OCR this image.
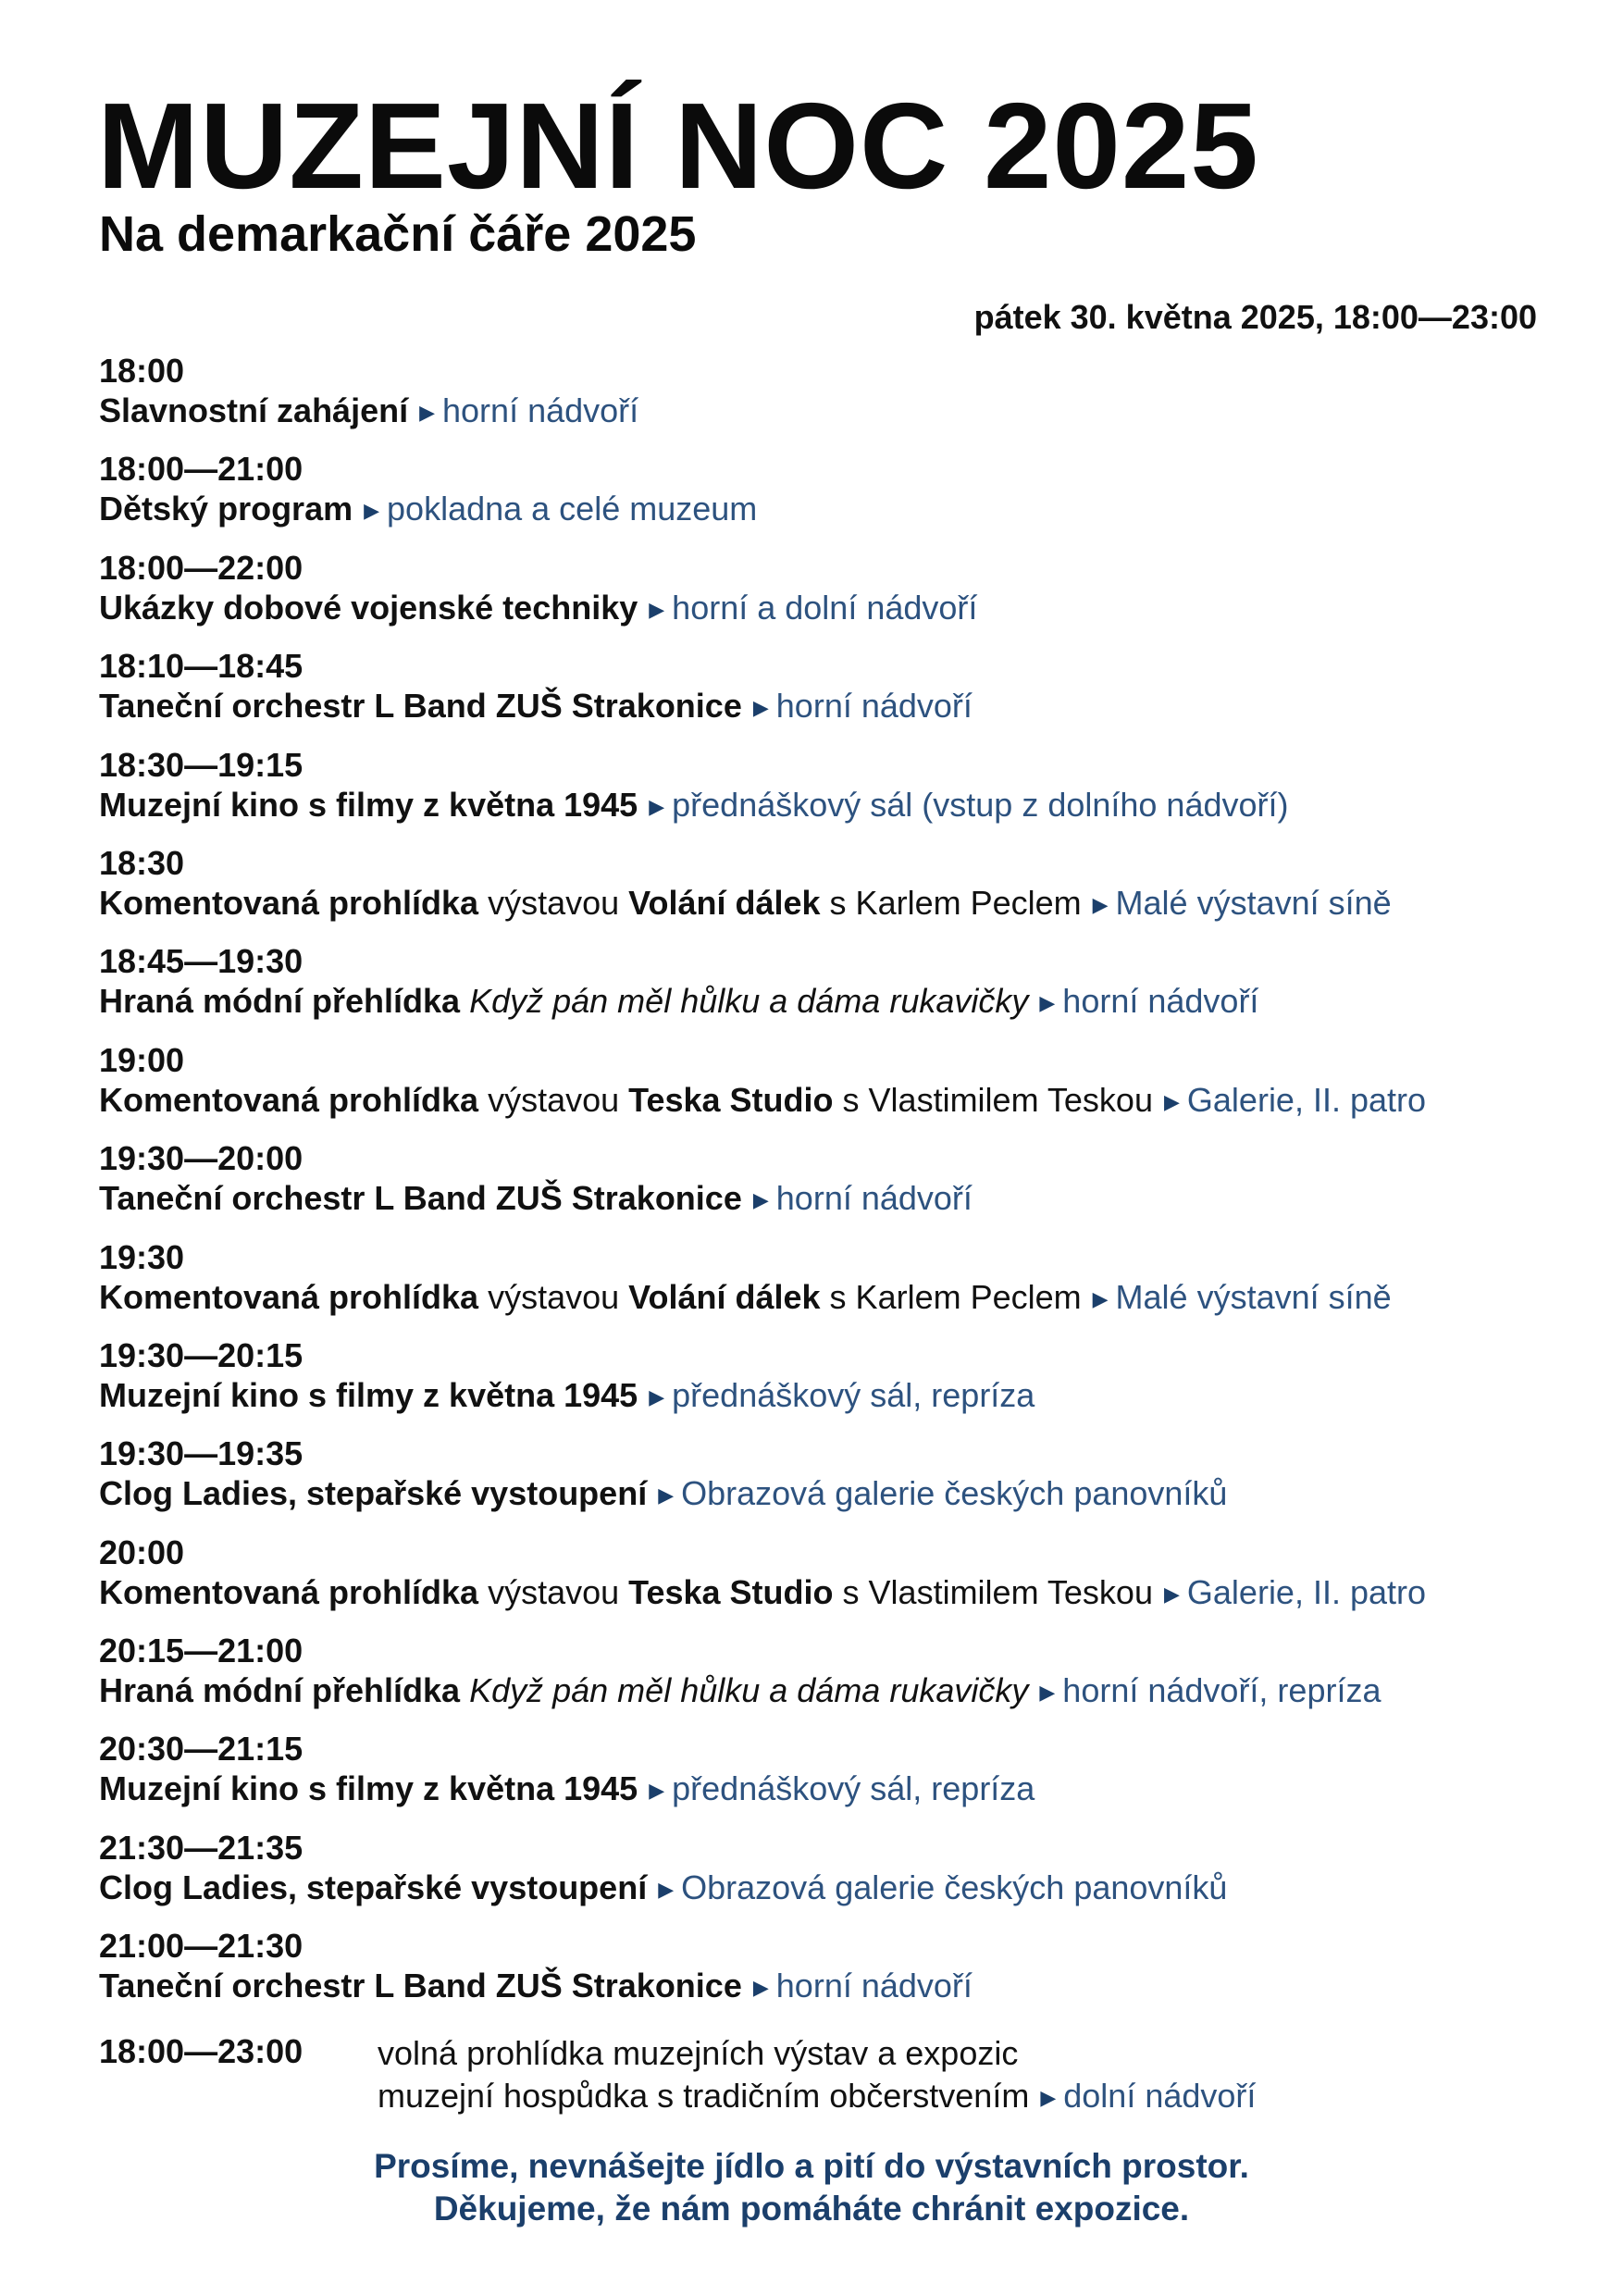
MUZEJNÍ NOC 2025
Na demarkační čáře 2025
pátek 30. května 2025, 18:00—23:00
18:00
Slavnostní zahájení ▶ horní nádvoří
18:00—21:00
Dětský program ▶ pokladna a celé muzeum
18:00—22:00
Ukázky dobové vojenské techniky ▶ horní a dolní nádvoří
18:10—18:45
Taneční orchestr L Band ZUŠ Strakonice ▶ horní nádvoří
18:30—19:15
Muzejní kino s filmy z května 1945 ▶ přednáškový sál (vstup z dolního nádvoří)
18:30
Komentovaná prohlídka výstavou Volání dálek s Karlem Peclem ▶ Malé výstavní síně
18:45—19:30
Hraná módní přehlídka Když pán měl hůlku a dáma rukavičky ▶ horní nádvoří
19:00
Komentovaná prohlídka výstavou Teska Studio s Vlastimilem Teskou ▶ Galerie, II. patro
19:30—20:00
Taneční orchestr L Band ZUŠ Strakonice ▶ horní nádvoří
19:30
Komentovaná prohlídka výstavou Volání dálek s Karlem Peclem ▶ Malé výstavní síně
19:30—20:15
Muzejní kino s filmy z května 1945 ▶ přednáškový sál, repríza
19:30—19:35
Clog Ladies, stepařské vystoupení ▶ Obrazová galerie českých panovníků
20:00
Komentovaná prohlídka výstavou Teska Studio s Vlastimilem Teskou ▶ Galerie, II. patro
20:15—21:00
Hraná módní přehlídka Když pán měl hůlku a dáma rukavičky ▶ horní nádvoří, repríza
20:30—21:15
Muzejní kino s filmy z května 1945 ▶ přednáškový sál, repríza
21:30—21:35
Clog Ladies, stepařské vystoupení ▶ Obrazová galerie českých panovníků
21:00—21:30
Taneční orchestr L Band ZUŠ Strakonice ▶ horní nádvoří
18:00—23:00 volná prohlídka muzejních výstav a expozic
muzejní hospůdka s tradičním občerstvením ▶ dolní nádvoří
Prosíme, nevnášejte jídlo a pití do výstavních prostor.
Děkujeme, že nám pomáháte chránit expozice.
